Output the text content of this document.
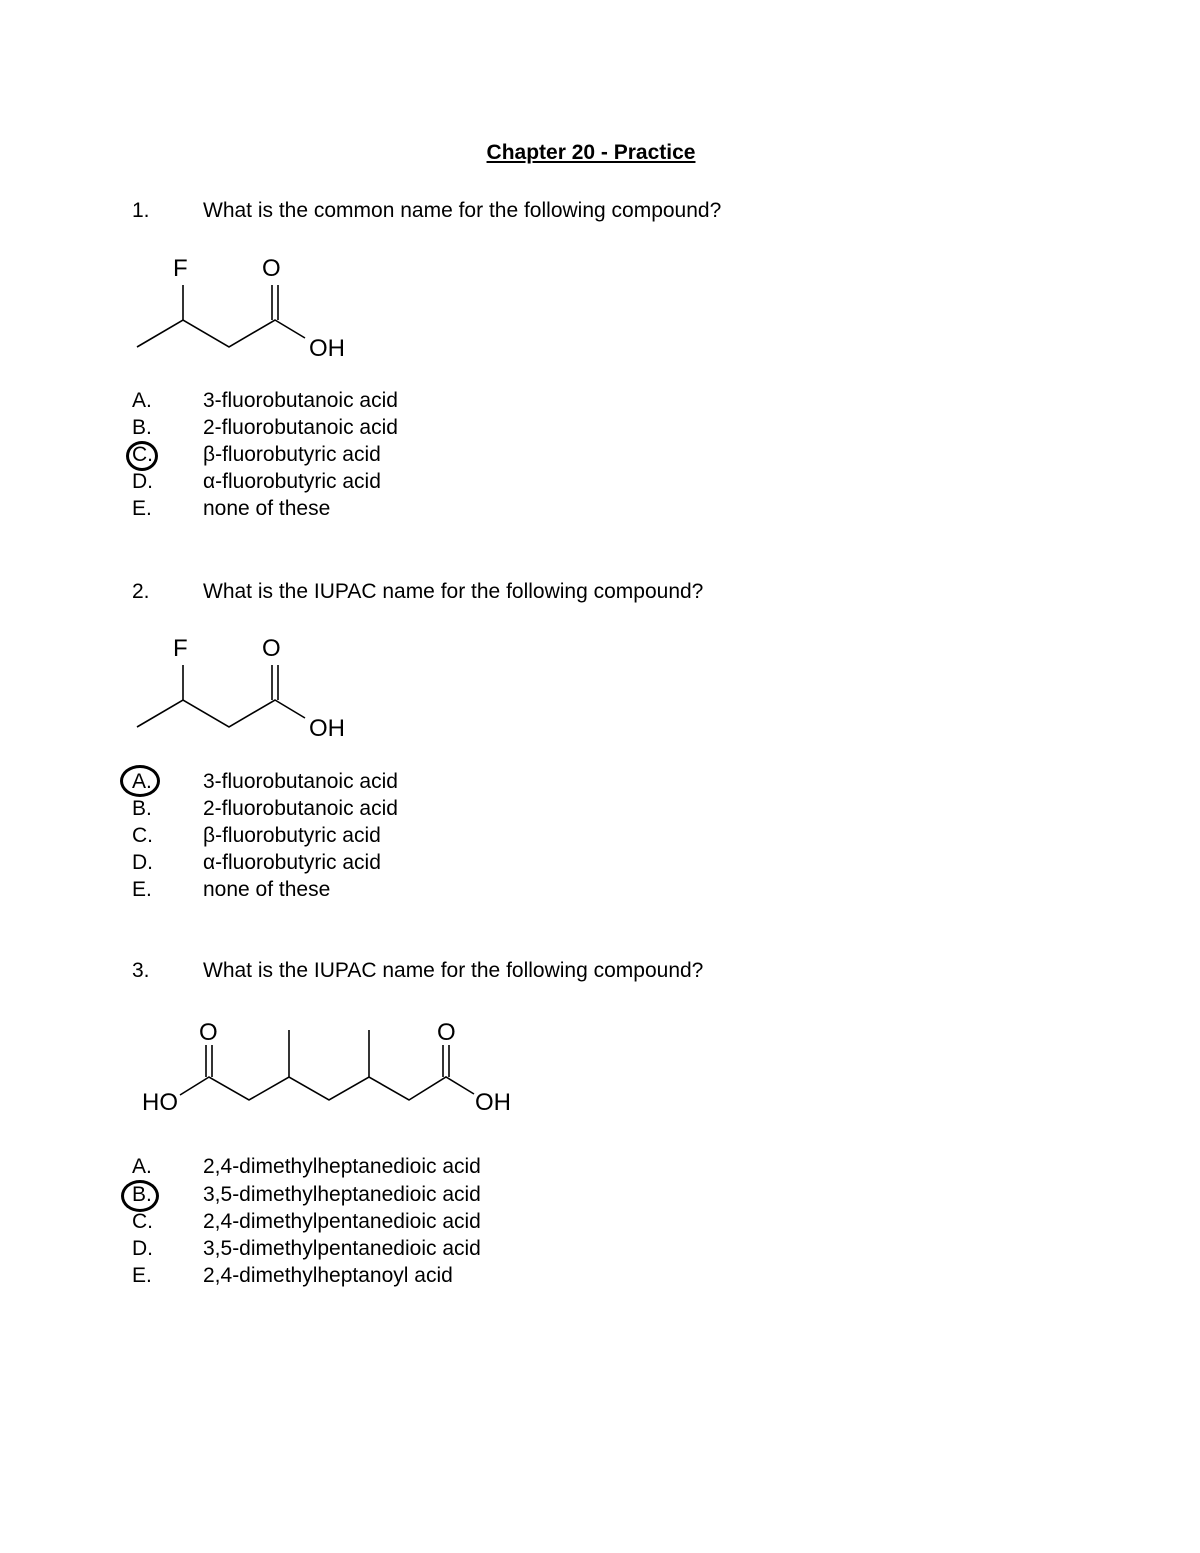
Chapter 20 - Practice
1.	What is the common name for the following compound?
F	O
OH
A. 3-fluorobutanoic acid
B. 2-fluorobutanoic acid
C. β-fluorobutyric acid
D. α-fluorobutyric acid
E. none of these
2.	What is the IUPAC name for the following compound?
F	O
OH
A. 3-fluorobutanoic acid
B. 2-fluorobutanoic acid
C. β-fluorobutyric acid
D. α-fluorobutyric acid
E. none of these
3.	What is the IUPAC name for the following compound?
O	O
HO	OH
A. 2,4-dimethylheptanedioic acid
B. 3,5-dimethylheptanedioic acid
C. 2,4-dimethylpentanedioic acid
D. 3,5-dimethylpentanedioic acid
E. 2,4-dimethylheptanoyl acid
